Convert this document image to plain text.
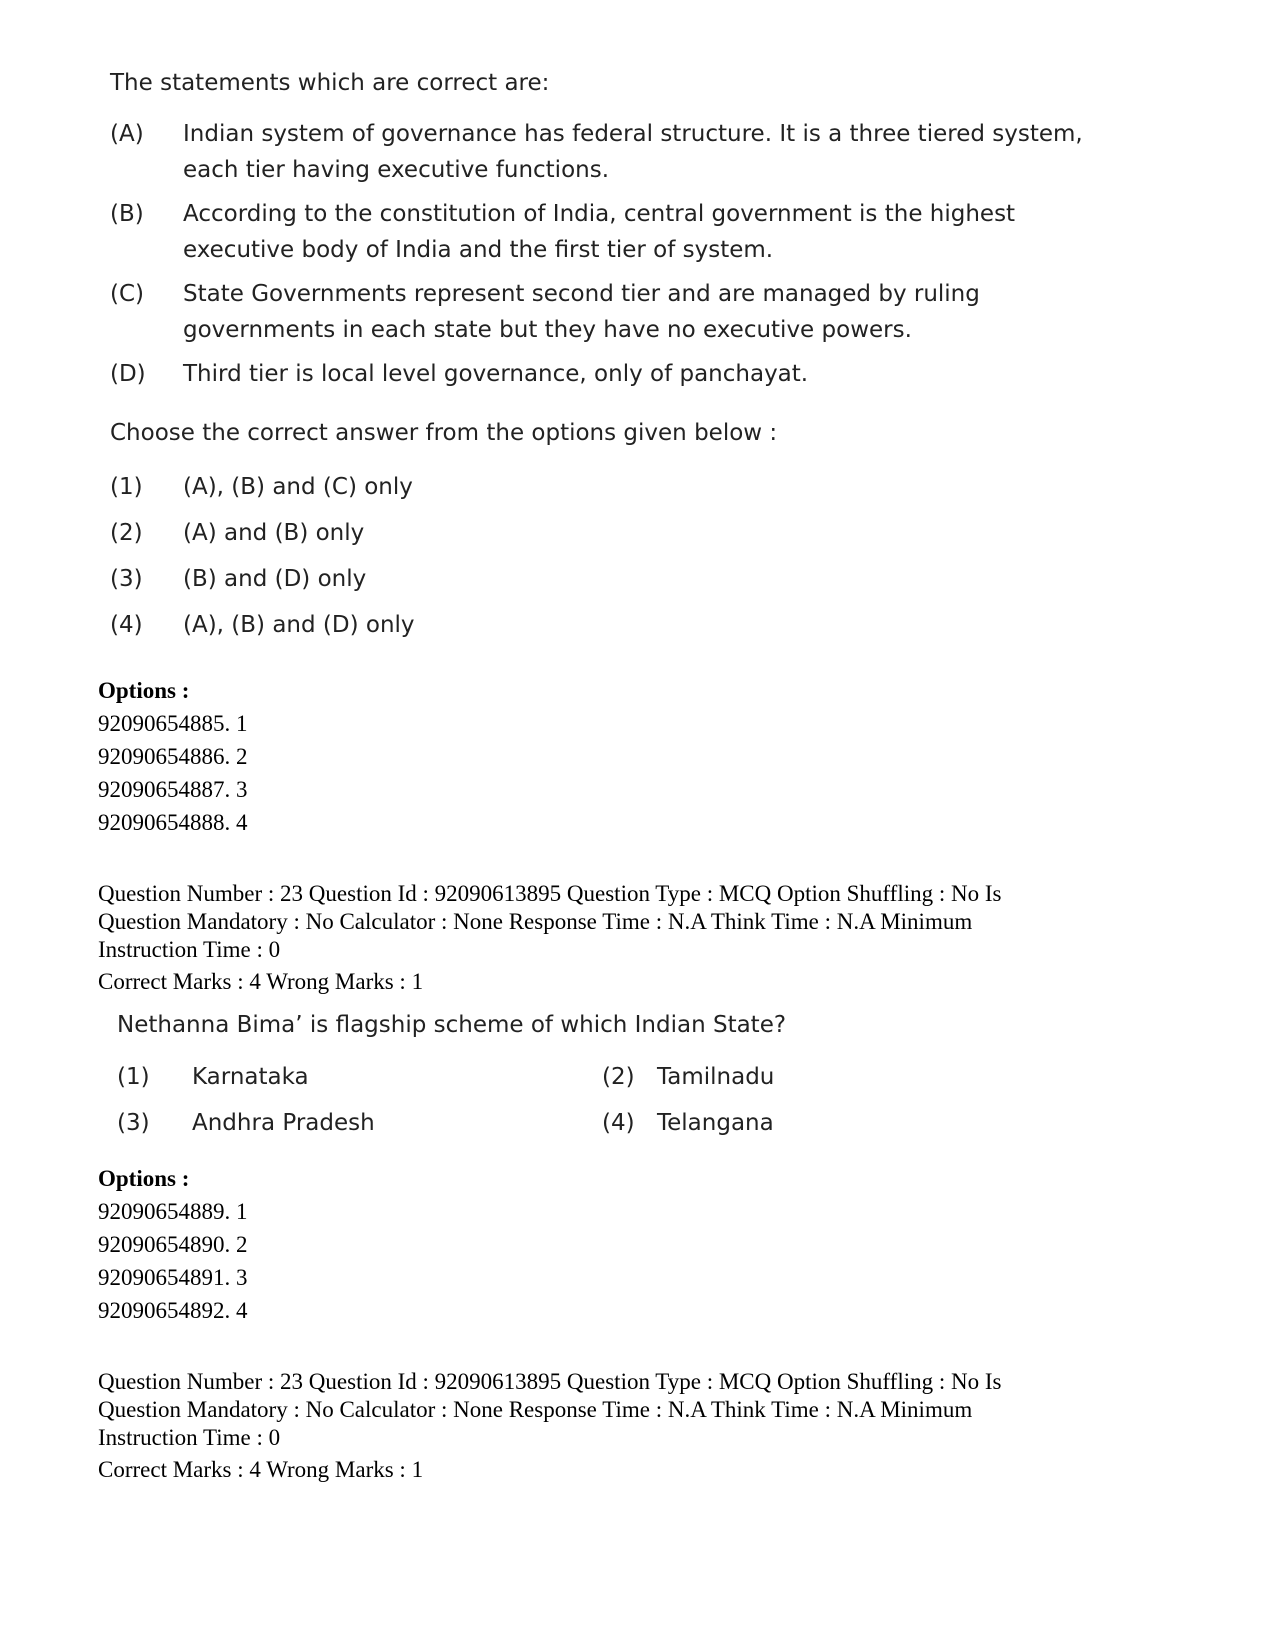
The statements which are correct are:

(A)	Indian system of governance has federal structure. It is a three tiered system, each tier having executive functions.
(B)	According to the constitution of India, central government is the highest executive body of India and the first tier of system.
(C)	State Governments represent second tier and are managed by ruling governments in each state but they have no executive powers.
(D)	Third tier is local level governance, only of panchayat.

Choose the correct answer from the options given below :

(1)	(A), (B) and (C) only
(2)	(A) and (B) only
(3)	(B) and (D) only
(4)	(A), (B) and (D) only
Options :
92090654885. 1
92090654886. 2
92090654887. 3
92090654888. 4
Question Number : 23 Question Id : 92090613895 Question Type : MCQ Option Shuffling : No Is
Question Mandatory : No Calculator : None Response Time : N.A Think Time : N.A Minimum
Instruction Time : 0
Correct Marks : 4 Wrong Marks : 1

Nethanna Bima’ is flagship scheme of which Indian State?

(1)	Karnataka	(2) Tamilnadu
(3)	Andhra Pradesh	(4) Telangana
Options :
92090654889. 1
92090654890. 2
92090654891. 3
92090654892. 4
Question Number : 23 Question Id : 92090613895 Question Type : MCQ Option Shuffling : No Is
Question Mandatory : No Calculator : None Response Time : N.A Think Time : N.A Minimum
Instruction Time : 0
Correct Marks : 4 Wrong Marks : 1
